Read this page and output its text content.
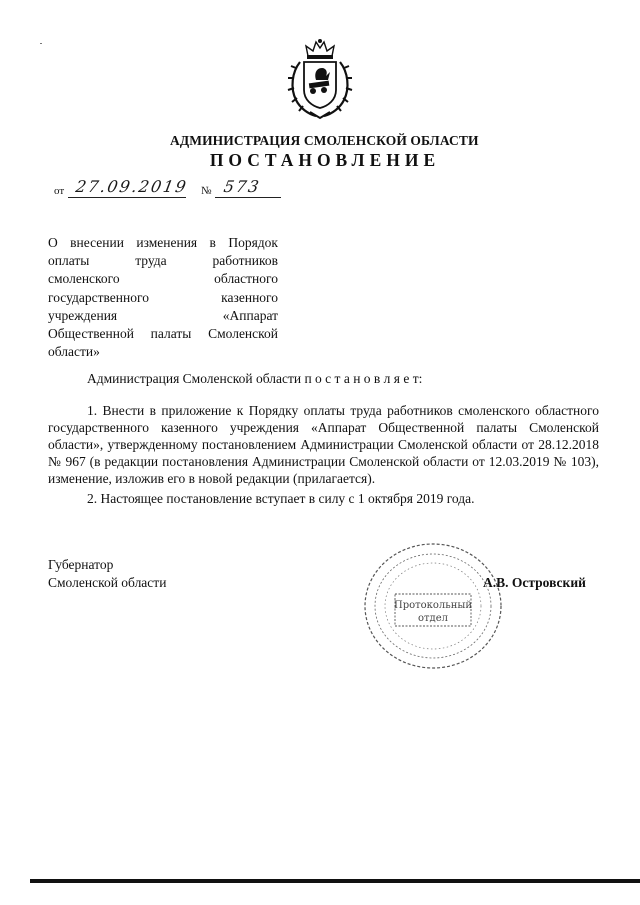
АДМИНИСТРАЦИЯ СМОЛЕНСКОЙ ОБЛАСТИ
ПОСТАНОВЛЕНИЕ
от 27.09.2019 № 573
О внесении изменения в Порядок
оплаты труда работников
смоленского областного
государственного казенного
учреждения «Аппарат
Общественной палаты Смоленской
области»
Администрация Смоленской области п о с т а н о в л я е т:

1. Внести в приложение к Порядку оплаты труда работников смоленского областного государственного казенного учреждения «Аппарат Общественной палаты Смоленской области», утвержденному постановлением Администрации Смоленской области от 28.12.2018 № 967 (в редакции постановления Администрации Смоленской области от 12.03.2019 № 103), изменение, изложив его в новой редакции (прилагается).

2. Настоящее постановление вступает в силу с 1 октября 2019 года.

Губернатор
Смоленской области
Протокольный
отдел
А.В. Островский
